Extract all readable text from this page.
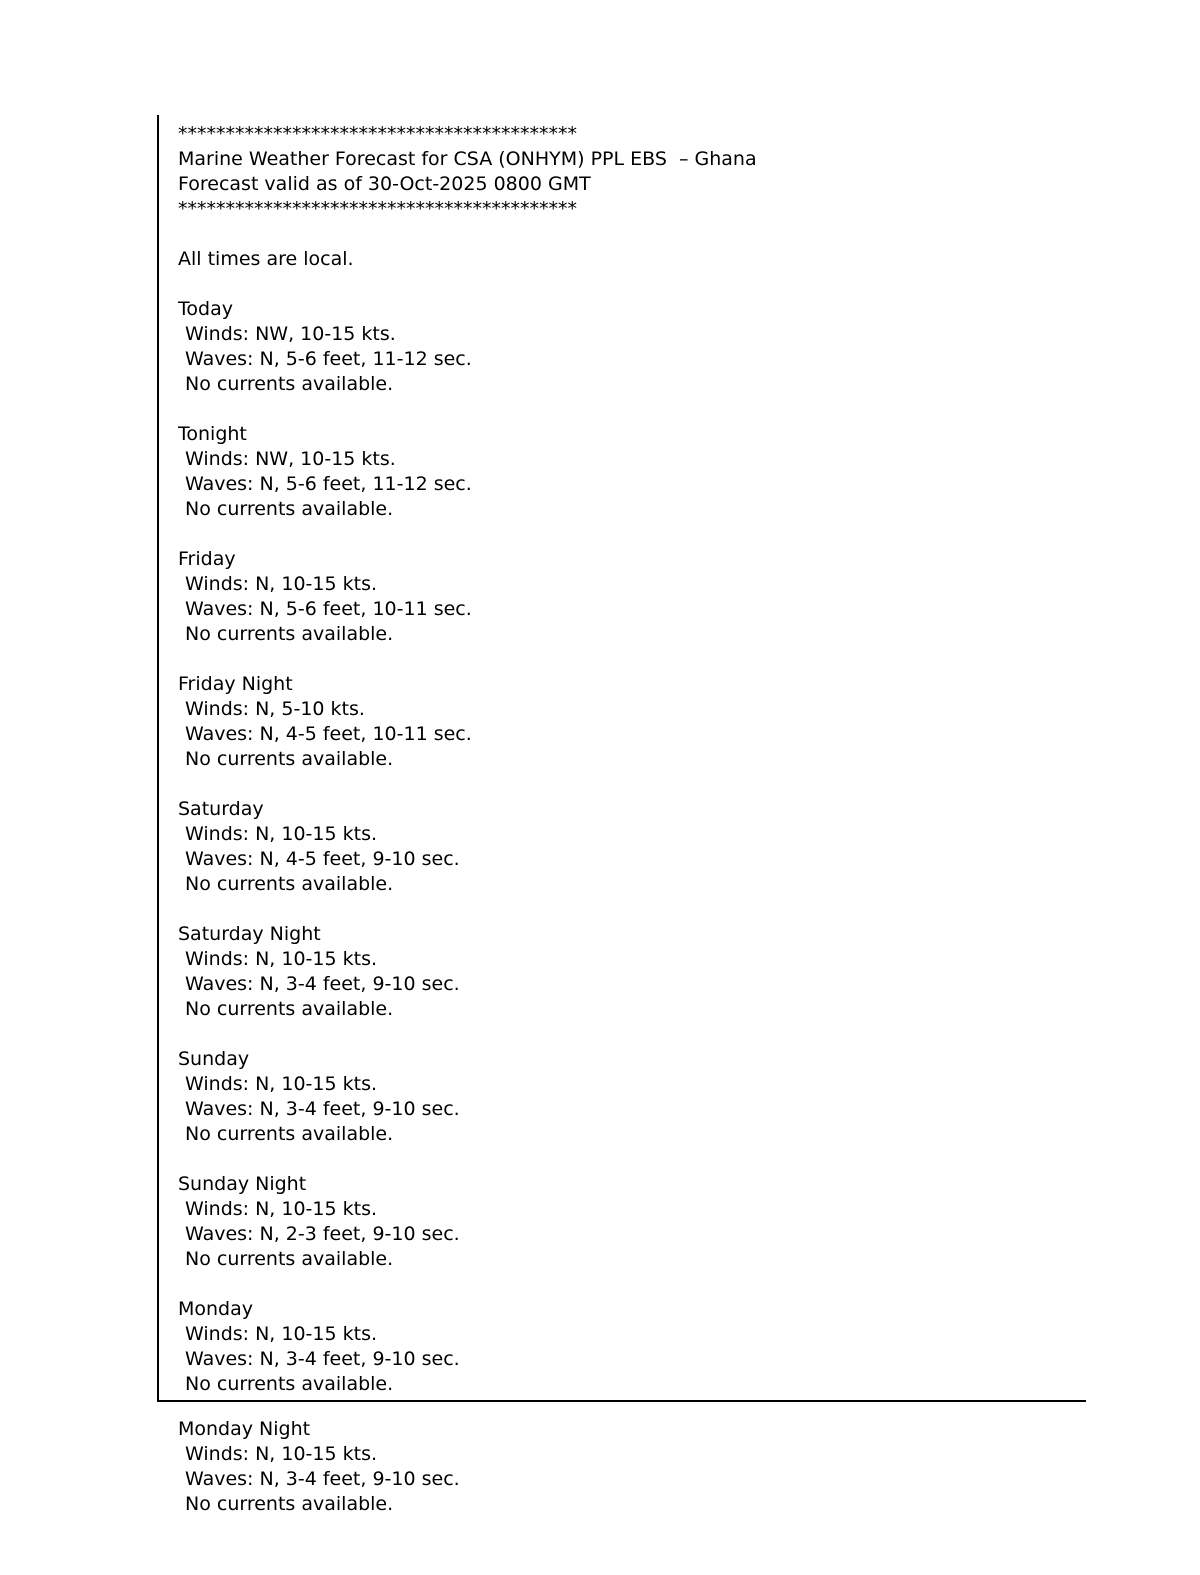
******************************************
Marine Weather Forecast for CSA (ONHYM) PPL EBS  – Ghana
Forecast valid as of 30-Oct-2025 0800 GMT
******************************************
All times are local.
Today
Winds: NW, 10-15 kts.
Waves: N, 5-6 feet, 11-12 sec.
No currents available.
Tonight
Winds: NW, 10-15 kts.
Waves: N, 5-6 feet, 11-12 sec.
No currents available.
Friday
Winds: N, 10-15 kts.
Waves: N, 5-6 feet, 10-11 sec.
No currents available.
Friday Night
Winds: N, 5-10 kts.
Waves: N, 4-5 feet, 10-11 sec.
No currents available.
Saturday
Winds: N, 10-15 kts.
Waves: N, 4-5 feet, 9-10 sec.
No currents available.
Saturday Night
Winds: N, 10-15 kts.
Waves: N, 3-4 feet, 9-10 sec.
No currents available.
Sunday
Winds: N, 10-15 kts.
Waves: N, 3-4 feet, 9-10 sec.
No currents available.
Sunday Night
Winds: N, 10-15 kts.
Waves: N, 2-3 feet, 9-10 sec.
No currents available.
Monday
Winds: N, 10-15 kts.
Waves: N, 3-4 feet, 9-10 sec.
No currents available.
Monday Night
Winds: N, 10-15 kts.
Waves: N, 3-4 feet, 9-10 sec.
No currents available.
